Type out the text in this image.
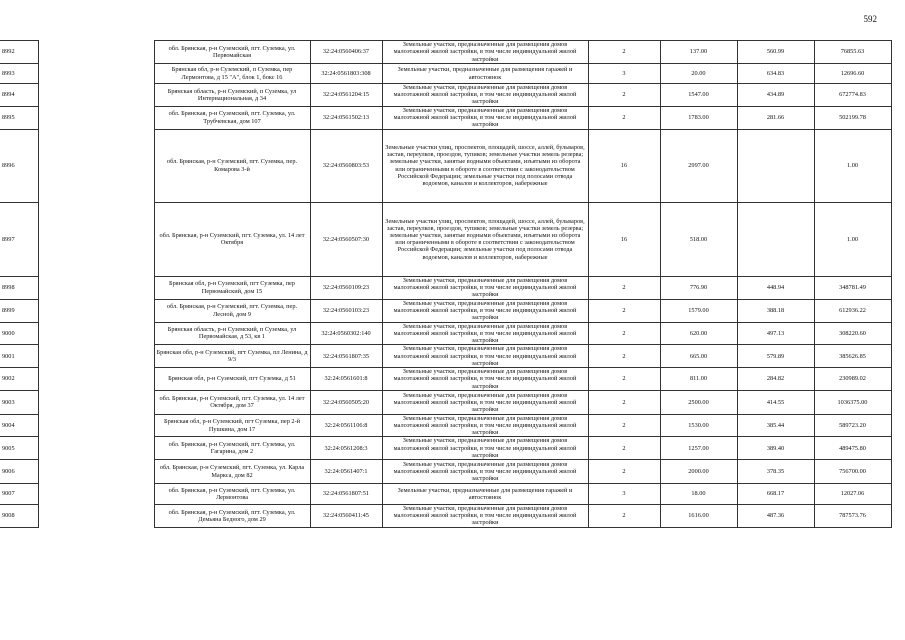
592
8992		обл. Брянская, р-н Суземский, пгт. Суземка, ул. Первомайская	32:24:0560406:37	Земельные участки, предназначенные для размещения домов малоэтажной жилой застройки, в том числе индивидуальной жилой застройки	2	137.00	560.99	76855.63
8993		Брянская обл, р-н Суземский, п Суземка, пер Лермонтова, д 15 "А", блок 1, бокс 16	32:24:0561803:308	Земельные участки, предназначенные для размещения гаражей и автостоянок	3	20.00	634.83	12696.60
8994		Брянская область, р-н Суземский, п Суземка, ул Интернациональная, д 34	32:24:0561204:15	Земельные участки, предназначенные для размещения домов малоэтажной жилой застройки, в том числе индивидуальной жилой застройки	2	1547.00	434.89	672774.83
8995		обл. Брянская, р-н Суземский, пгт. Суземка, ул. Трубчевская, дом 107	32:24:0561502:13	Земельные участки, предназначенные для размещения домов малоэтажной жилой застройки, в том числе индивидуальной жилой застройки	2	1783.00	281.66	502199.78
8996		обл. Брянская, р-н Суземский, пгт. Суземка, пер. Комарова 3-й	32:24:0560803:53	Земельные участки улиц, проспектов, площадей, шоссе, аллей, бульваров, застав, переулков, проездов, тупиков; земельные участки земель резерва; земельные участки, занятые водными объектами, изъятыми из оборота или ограниченными в обороте в соответствии с законодательством Российской Федерации; земельные участки под полосами отвода водоемов, каналов и коллекторов, набережные	16	2997.00		1.00
8997		обл. Брянская, р-н Суземский, пгт. Суземка, ул. 14 лет Октября	32:24:0560507:30	Земельные участки улиц, проспектов, площадей, шоссе, аллей, бульваров, застав, переулков, проездов, тупиков; земельные участки земель резерва; земельные участки, занятые водными объектами, изъятыми из оборота или ограниченными в обороте в соответствии с законодательством Российской Федерации; земельные участки под полосами отвода водоемов, каналов и коллекторов, набережные	16	518.00		1.00
8998		Брянская обл, р-н Суземский, пгт Суземка, пер Первомайский, дом 15	32:24:0560109:23	Земельные участки, предназначенные для размещения домов малоэтажной жилой застройки, в том числе индивидуальной жилой застройки	2	776.90	448.94	348781.49
8999		обл. Брянская, р-н Суземский, пгт. Суземка, пер. Лесной, дом 9	32:24:0560103:23	Земельные участки, предназначенные для размещения домов малоэтажной жилой застройки, в том числе индивидуальной жилой застройки	2	1579.00	388.18	612936.22
9000		Брянская область, р-н Суземский, п Суземка, ул Первомайская, д 53, кв 1	32:24:0560302:140	Земельные участки, предназначенные для размещения домов малоэтажной жилой застройки, в том числе индивидуальной жилой застройки	2	620.00	497.13	308220.60
9001		Брянская обл, р-н Суземский, пгт Суземка, пл Ленина, д 9/3	32:24:0561807:35	Земельные участки, предназначенные для размещения домов малоэтажной жилой застройки, в том числе индивидуальной жилой застройки	2	665.00	579.89	385626.85
9002		Брянская обл, р-н Суземский, пгт Суземка, д 51	32:24:0561601:8	Земельные участки, предназначенные для размещения домов малоэтажной жилой застройки, в том числе индивидуальной жилой застройки	2	811.00	284.82	230989.02
9003		обл. Брянская, р-н Суземский, пгт. Суземка, ул. 14 лет Октября, дом 37	32:24:0560505:20	Земельные участки, предназначенные для размещения домов малоэтажной жилой застройки, в том числе индивидуальной жилой застройки	2	2500.00	414.55	1036375.00
9004		Брянская обл, р-н Суземский, пгт Суземка, пер 2-й Пушкина, дом 17	32:24:0561106:8	Земельные участки, предназначенные для размещения домов малоэтажной жилой застройки, в том числе индивидуальной жилой застройки	2	1530.00	385.44	589723.20
9005		обл. Брянская, р-н Суземский, пгт. Суземка, ул. Гагарина, дом 2	32:24:0561208:3	Земельные участки, предназначенные для размещения домов малоэтажной жилой застройки, в том числе индивидуальной жилой застройки	2	1257.00	389.40	489475.80
9006		обл. Брянская, р-н Суземский, пгт. Суземка, ул. Карла Маркса, дом 82	32:24:0561407:1	Земельные участки, предназначенные для размещения домов малоэтажной жилой застройки, в том числе индивидуальной жилой застройки	2	2000.00	378.35	756700.00
9007		обл. Брянская, р-н Суземский, пгт. Суземка, ул. Лермонтова	32:24:0561807:51	Земельные участки, предназначенные для размещения гаражей и автостоянок	3	18.00	668.17	12027.06
9008		обл. Брянская, р-н Суземский, пгт. Суземка, ул. Демьяна Бедного, дом 29	32:24:0560411:45	Земельные участки, предназначенные для размещения домов малоэтажной жилой застройки, в том числе индивидуальной жилой застройки	2	1616.00	487.36	787573.76
